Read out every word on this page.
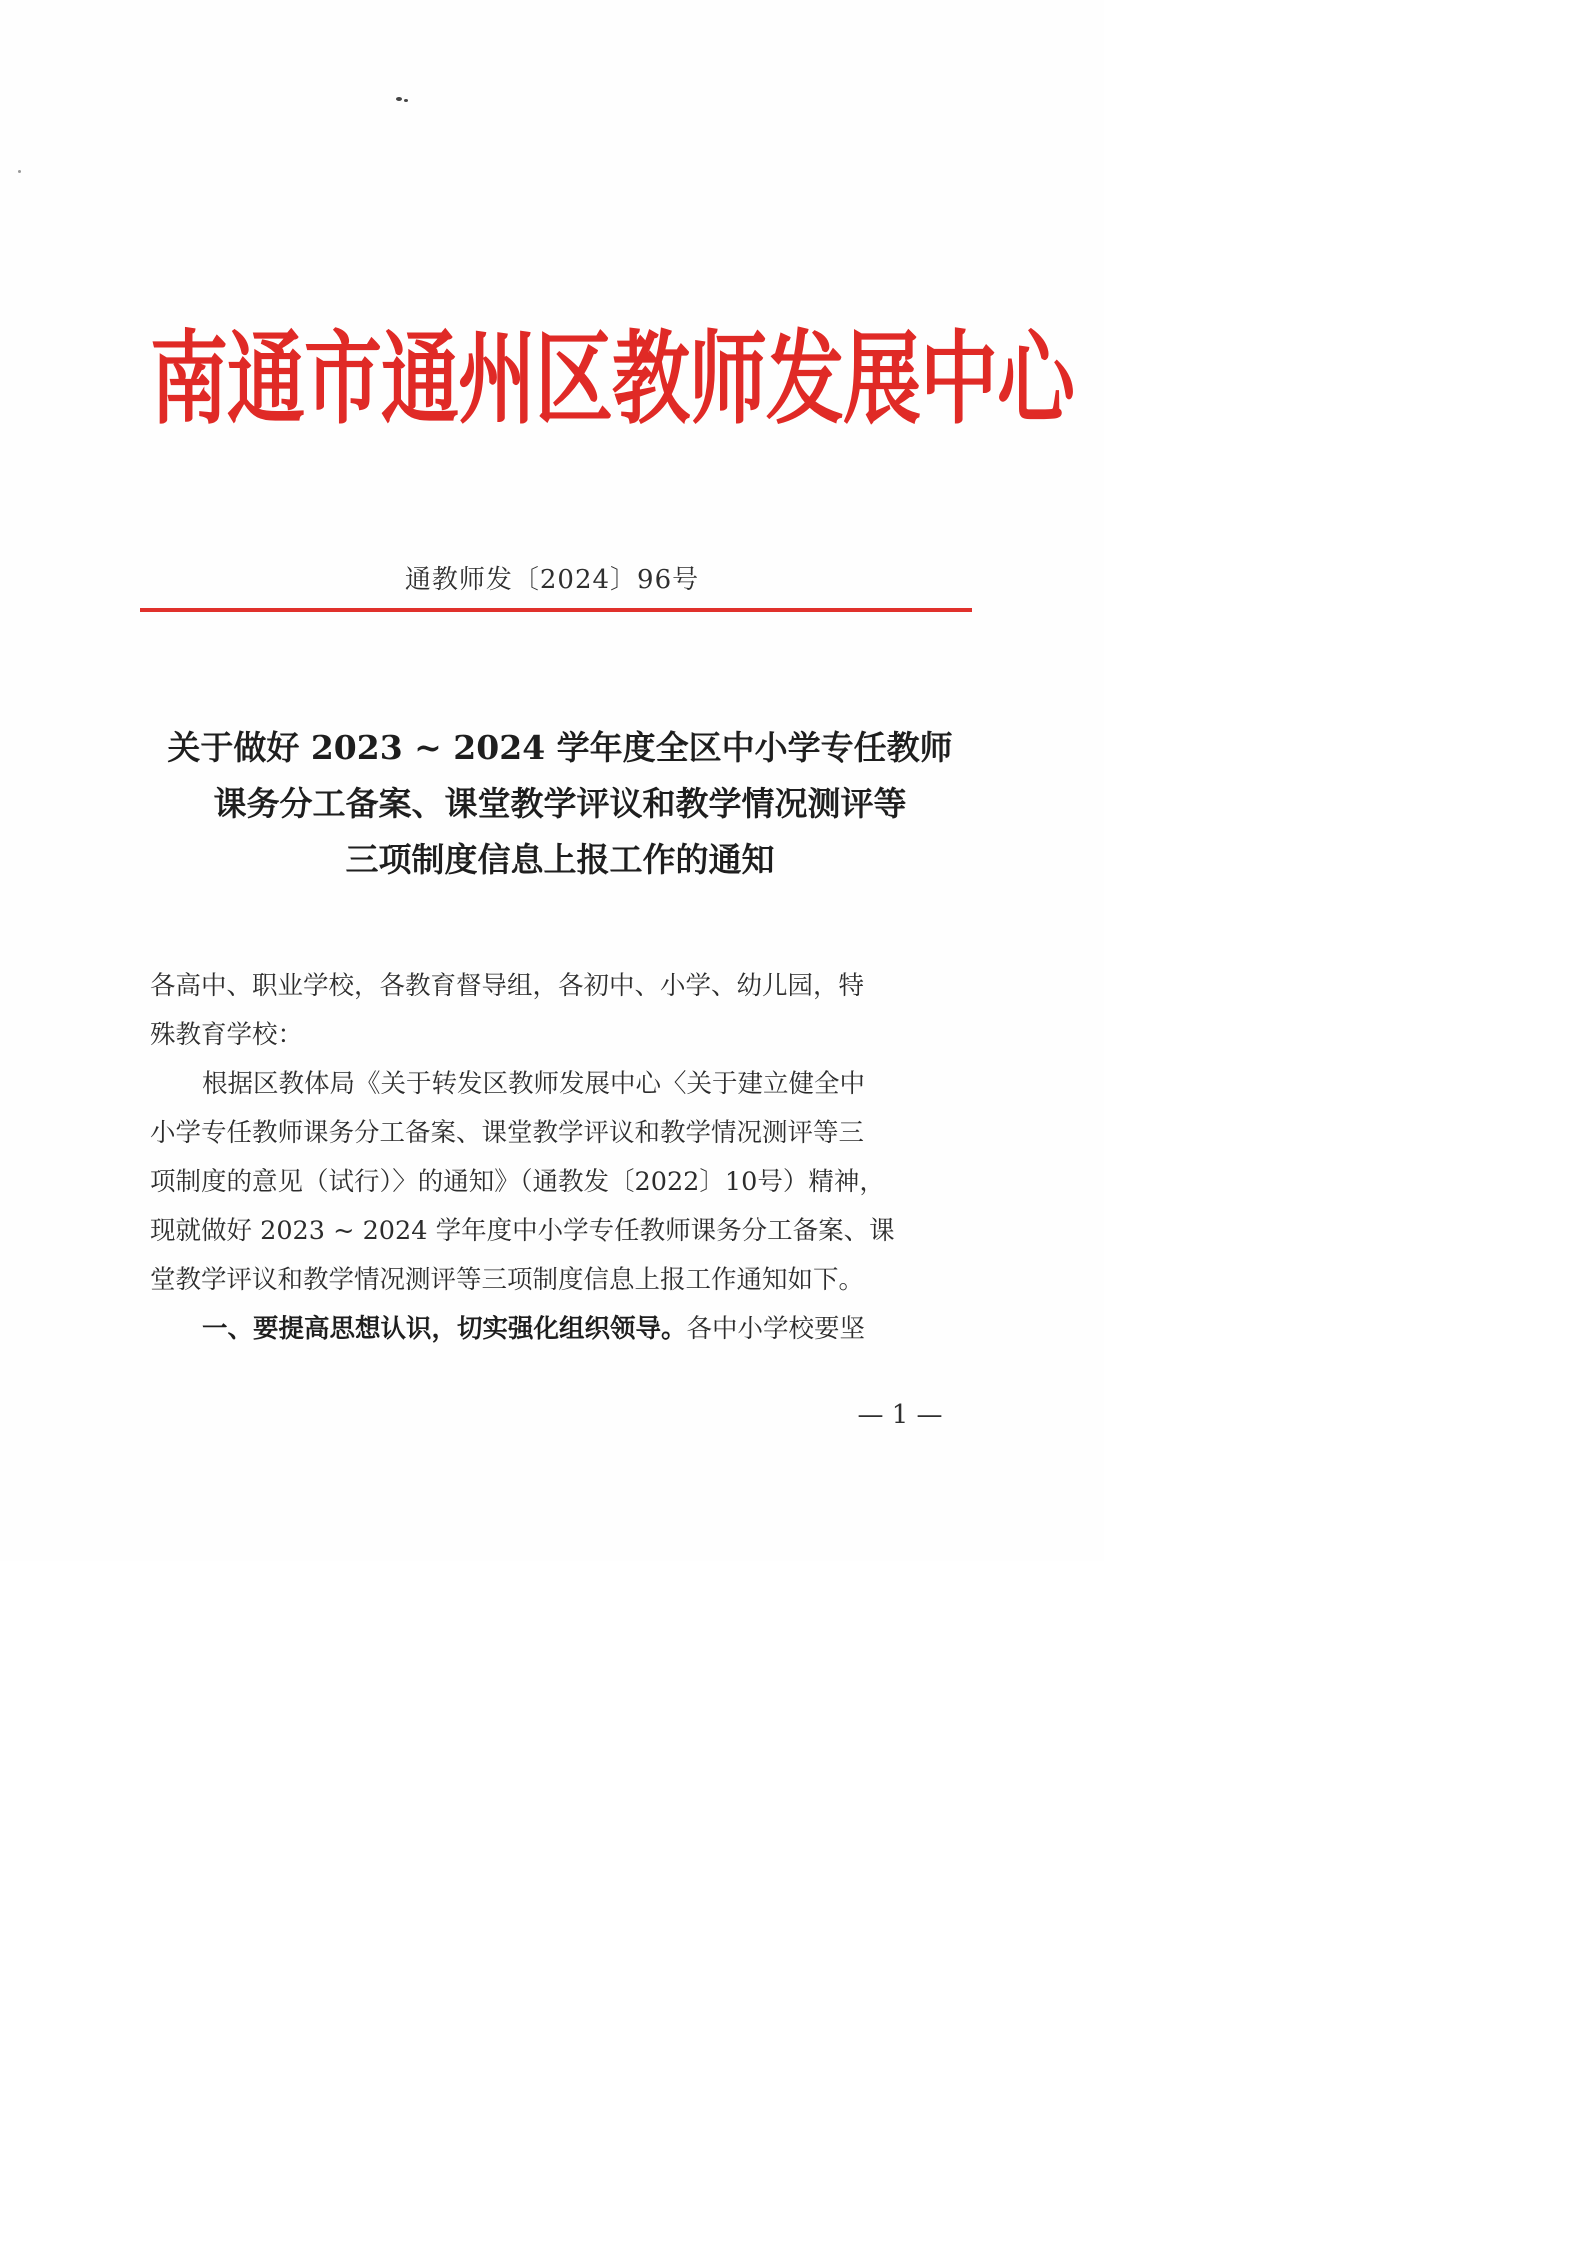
南通市通州区教师发展中心
通教师发〔2024〕96号
关于做好 2023 ~ 2024 学年度全区中小学专任教师
课务分工备案、课堂教学评议和教学情况测评等
三项制度信息上报工作的通知

各高中、职业学校，各教育督导组，各初中、小学、幼儿园，特

殊教育学校：

根据区教体局《关于转发区教师发展中心〈关于建立健全中

小学专任教师课务分工备案、课堂教学评议和教学情况测评等三

项制度的意见（试行）〉的通知》（通教发〔2022〕10号）精神，

现就做好 2023 ~ 2024 学年度中小学专任教师课务分工备案、课

堂教学评议和教学情况测评等三项制度信息上报工作通知如下。

一、要提高思想认识，切实强化组织领导。各中小学校要坚

— 1 —
